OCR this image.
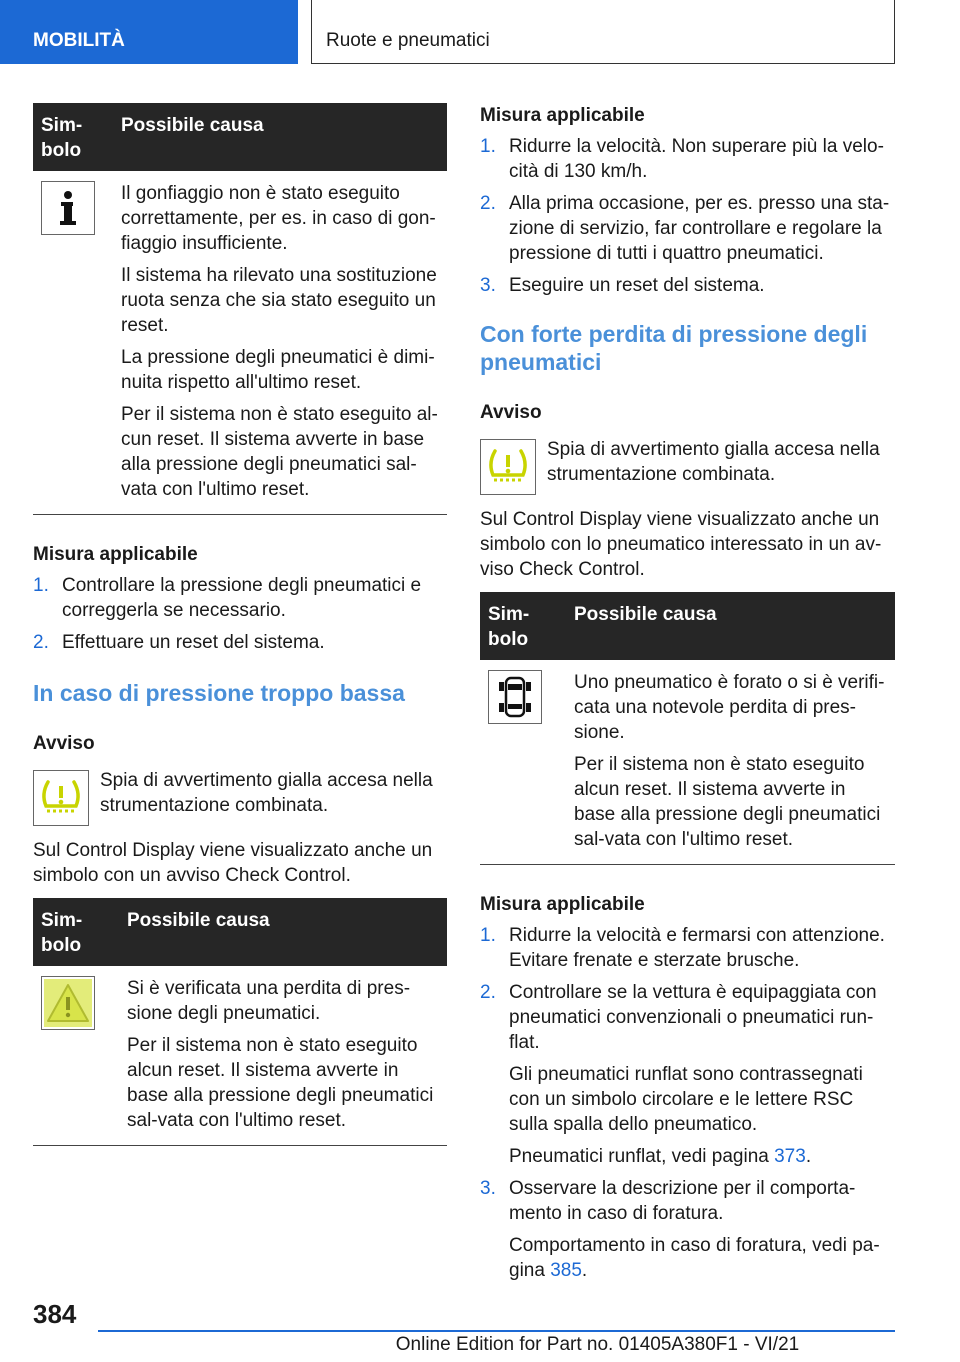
MOBILITÀ	Ruote e pneumatici
Sim-
bolo	Possibile causa

Il gonfiaggio non è stato eseguito correttamente, per es. in caso di gon-fiaggio insufficiente.

Il sistema ha rilevato una sostituzione ruota senza che sia stato eseguito un reset.

La pressione degli pneumatici è dimi-nuita rispetto all'ultimo reset.

Per il sistema non è stato eseguito al-cun reset. Il sistema avverte in base alla pressione degli pneumatici sal-vata con l'ultimo reset.

Misura applicabile

1. Controllare la pressione degli pneumatici e correggerla se necessario.

2. Effettuare un reset del sistema.

In caso di pressione troppo bassa

Avviso

Spia di avvertimento gialla accesa nella strumentazione combinata.

Sul Control Display viene visualizzato anche un simbolo con un avviso Check Control.

Sim-
bolo	Possibile causa

Si è verificata una perdita di pres-sione degli pneumatici.

Per il sistema non è stato eseguito alcun reset. Il sistema avverte in base alla pressione degli pneumatici sal-vata con l'ultimo reset.

Misura applicabile

1. Ridurre la velocità. Non superare più la velo-cità di 130 km/h.

2. Alla prima occasione, per es. presso una sta-zione di servizio, far controllare e regolare la pressione di tutti i quattro pneumatici.

3. Eseguire un reset del sistema.

Con forte perdita di pressione degli pneumatici

Avviso

Spia di avvertimento gialla accesa nella strumentazione combinata.

Sul Control Display viene visualizzato anche un simbolo con lo pneumatico interessato in un av-viso Check Control.

Sim-
bolo	Possibile causa

Uno pneumatico è forato o si è verifi-cata una notevole perdita di pres-sione.

Per il sistema non è stato eseguito alcun reset. Il sistema avverte in base alla pressione degli pneumatici sal-vata con l'ultimo reset.

Misura applicabile

1. Ridurre la velocità e fermarsi con attenzione. Evitare frenate e sterzate brusche.

2. Controllare se la vettura è equipaggiata con pneumatici convenzionali o pneumatici run-flat.

Gli pneumatici runflat sono contrassegnati con un simbolo circolare e le lettere RSC sulla spalla dello pneumatico.

Pneumatici runflat, vedi pagina 373.

3. Osservare la descrizione per il comporta-mento in caso di foratura.

Comportamento in caso di foratura, vedi pa-gina 385.

384
Online Edition for Part no. 01405A380F1 - VI/21
